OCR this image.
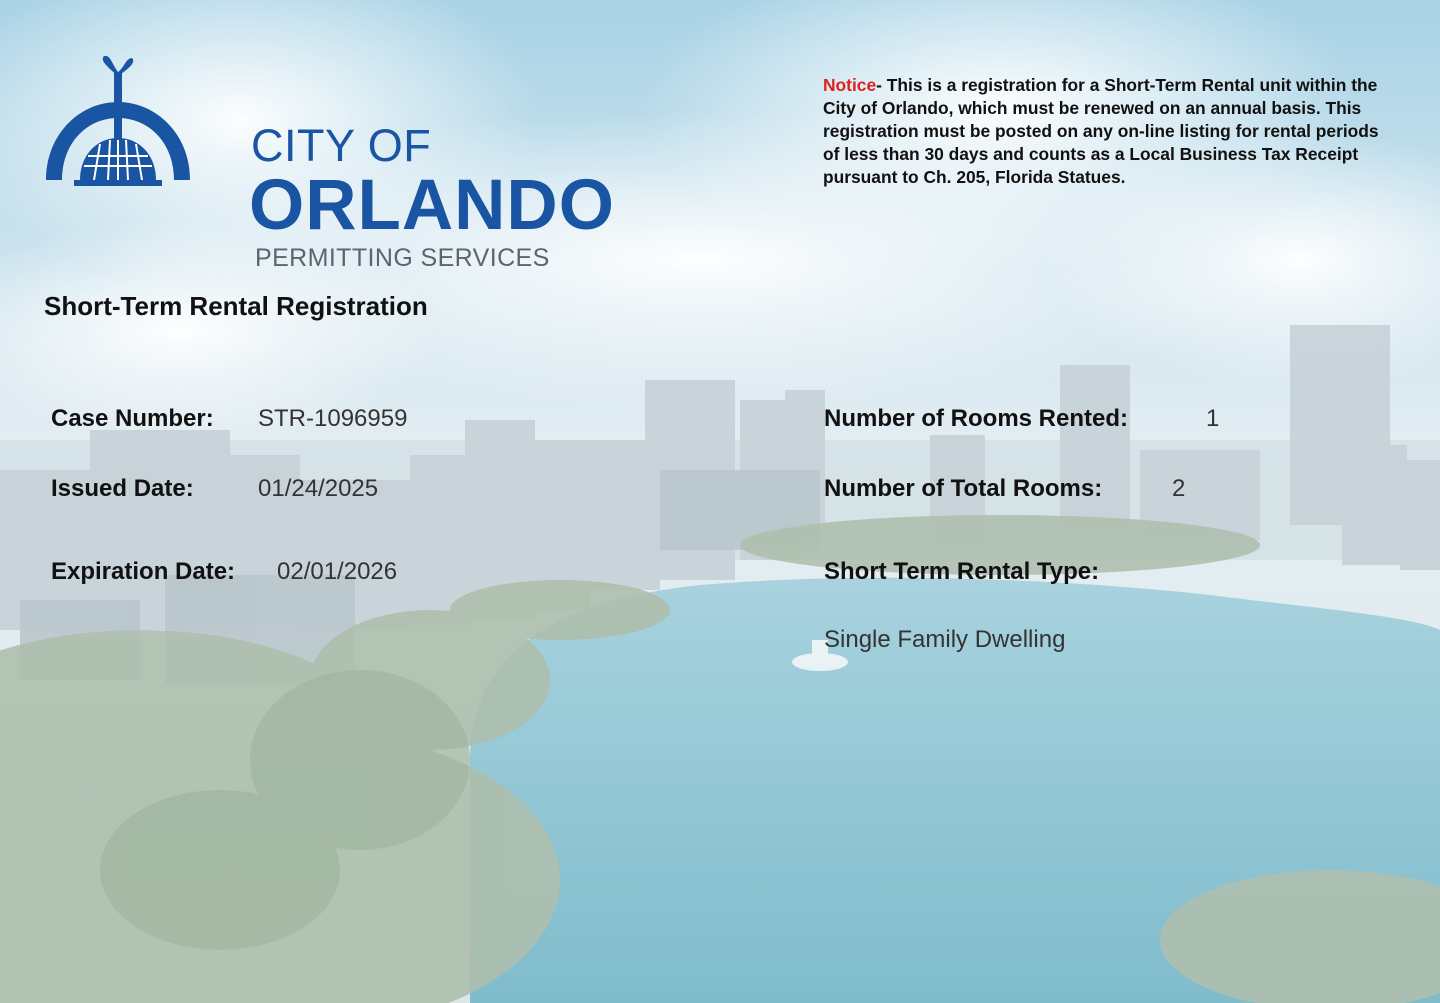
CITY OF
ORLANDO
PERMITTING SERVICES
Notice- This is a registration for a Short-Term Rental unit within the City of Orlando, which must be renewed on an annual basis. This registration must be posted on any on-line listing for rental periods of less than 30 days and counts as a Local Business Tax Receipt pursuant to Ch. 205, Florida Statues.
Short-Term Rental Registration
Case Number: STR-1096959
Issued Date:	01/24/2025
Expiration Date: 02/01/2026
Number of Rooms Rented:	1
Number of Total Rooms:	2
Short Term Rental Type:
Single Family Dwelling
